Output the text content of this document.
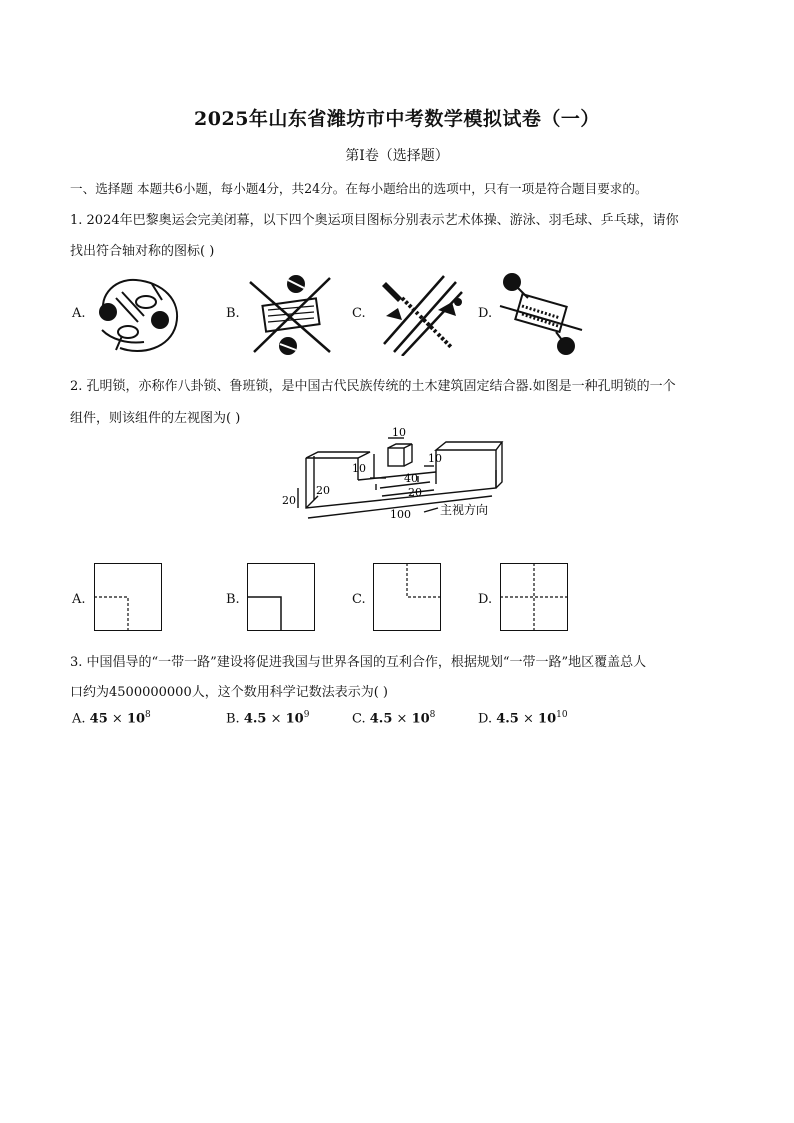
2025年山东省潍坊市中考数学模拟试卷（一）
第I卷（选择题）
一、选择题 本题共6小题，每小题4分，共24分。在每小题给出的选项中，只有一项是符合题目要求的。
1. 2024年巴黎奥运会完美闭幕，以下四个奥运项目图标分别表示艺术体操、游泳、羽毛球、乒乓球，请你
找出符合轴对称的图标( )
A.	B.	C.	D.
2. 孔明锁，亦称作八卦锁、鲁班锁，是中国古代民族传统的土木建筑固定结合器.如图是一种孔明锁的一个
组件，则该组件的左视图为( )
10
10
10
40
20
20
20
100 主视方向
A.	B.	C.	D.
3. 中国倡导的“一带一路”建设将促进我国与世界各国的互利合作，根据规划“一带一路”地区覆盖总人
口约为4500000000人，这个数用科学记数法表示为( )
A. $45 \times 10^8$	B. $4.5 \times 10^9$	C. $4.5 \times 10^8$	D. $4.5 \times 10^{10}$
